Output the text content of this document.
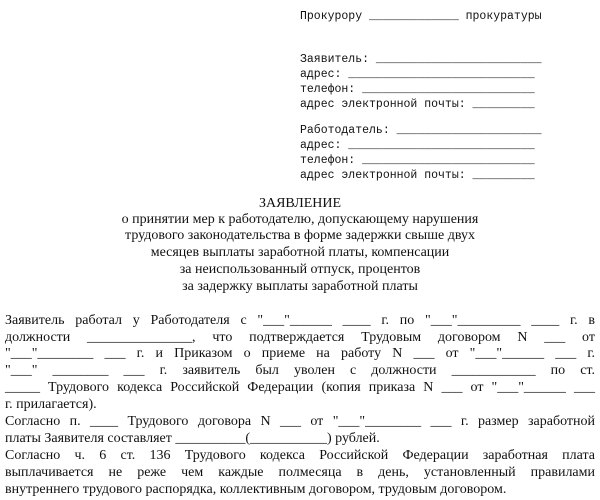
Прокурору _____________ прокуратуры
Заявитель: ________________________
адрес: ___________________________
телефон: _________________________
адрес электронной почты: _________
Работодатель: _____________________
адрес: ___________________________
телефон: _________________________
адрес электронной почты: _________
ЗАЯВЛЕНИЕ
о принятии мер к работодателю, допускающему нарушения
трудового законодательства в форме задержки свыше двух
месяцев выплаты заработной платы, компенсации
за неиспользованный отпуск, процентов
за задержку выплаты заработной платы
Заявитель работал у Работодателя с "___"______ ____ г. по "___"_________ ____ г. в
должности _______________, что подтверждается Трудовым договором N ___ от
"___"________ ___ г. и Приказом о приеме на работу N ___ от "___"______ ___ г.
"___" ________ ___ г. заявитель был уволен с должности ____________ по ст.
_____ Трудового кодекса Российской Федерации (копия приказа N ___ от "___"______ ___
г. прилагается).
Согласно п. ____ Трудового договора N ___ от "___"________ ___ г. размер заработной
платы Заявителя составляет __________(___________) рублей.
Согласно ч. 6 ст. 136 Трудового кодекса Российской Федерации заработная плата
выплачивается не реже чем каждые полмесяца в день, установленный правилами
внутреннего трудового распорядка, коллективным договором, трудовым договором.
